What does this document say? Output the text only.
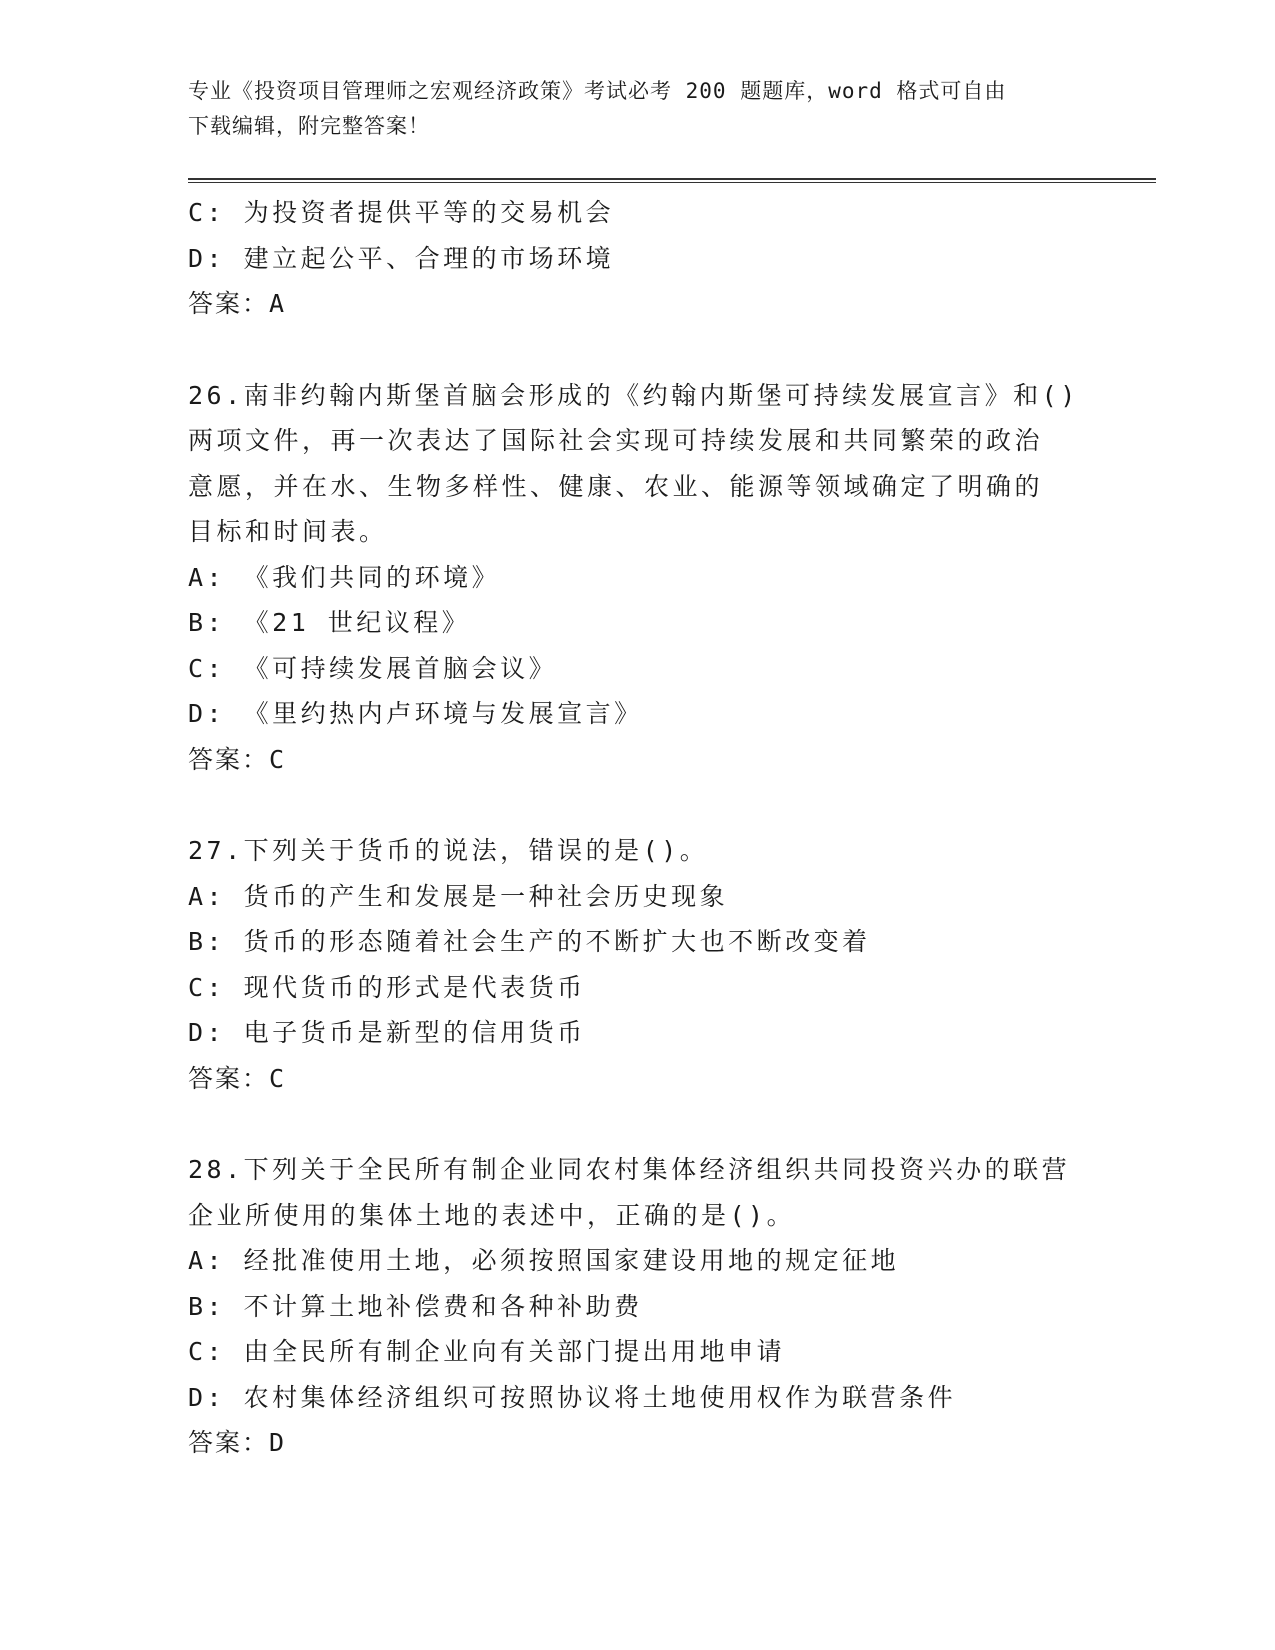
专业《投资项目管理师之宏观经济政策》考试必考 200 题题库，word 格式可自由
下载编辑，附完整答案！
C: 为投资者提供平等的交易机会
D: 建立起公平、合理的市场环境
答案：A
26.南非约翰内斯堡首脑会形成的《约翰内斯堡可持续发展宣言》和()
两项文件，再一次表达了国际社会实现可持续发展和共同繁荣的政治
意愿，并在水、生物多样性、健康、农业、能源等领域确定了明确的
目标和时间表。
A: 《我们共同的环境》
B: 《21 世纪议程》
C: 《可持续发展首脑会议》
D: 《里约热内卢环境与发展宣言》
答案：C
27.下列关于货币的说法，错误的是()。
A: 货币的产生和发展是一种社会历史现象
B: 货币的形态随着社会生产的不断扩大也不断改变着
C: 现代货币的形式是代表货币
D: 电子货币是新型的信用货币
答案：C
28.下列关于全民所有制企业同农村集体经济组织共同投资兴办的联营
企业所使用的集体土地的表述中，正确的是()。
A: 经批准使用土地，必须按照国家建设用地的规定征地
B: 不计算土地补偿费和各种补助费
C: 由全民所有制企业向有关部门提出用地申请
D: 农村集体经济组织可按照协议将土地使用权作为联营条件
答案：D
